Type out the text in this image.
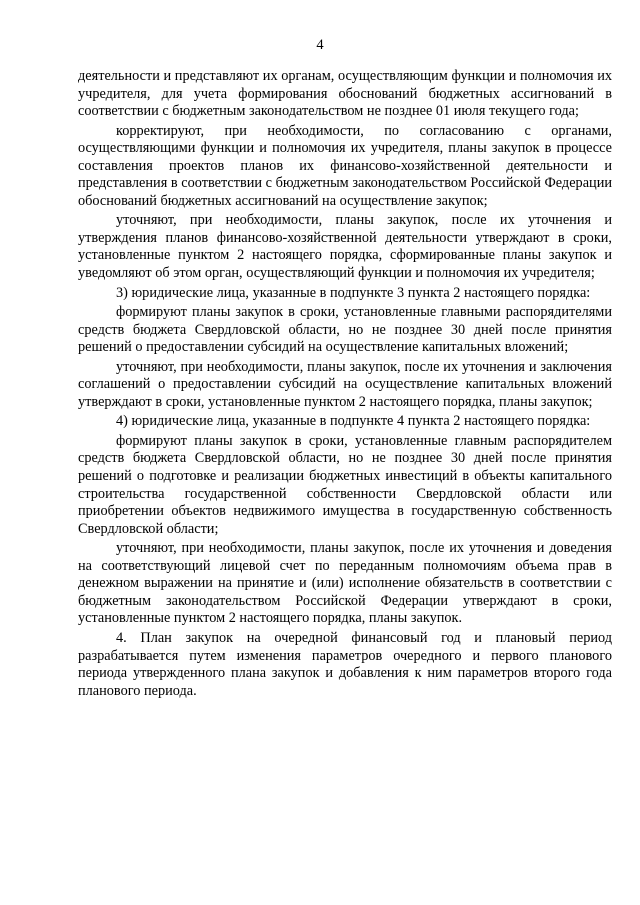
4

деятельности и представляют их органам, осуществляющим функции и полномочия их учредителя, для учета формирования обоснований бюджетных ассигнований в соответствии с бюджетным законодательством не позднее 01 июля текущего года;

корректируют, при необходимости, по согласованию с органами, осуществляющими функции и полномочия их учредителя, планы закупок в процессе составления проектов планов их финансово-хозяйственной деятельности и представления в соответствии с бюджетным законодательством Российской Федерации обоснований бюджетных ассигнований на осуществление закупок;

уточняют, при необходимости, планы закупок, после их уточнения и утверждения планов финансово-хозяйственной деятельности утверждают в сроки, установленные пунктом 2 настоящего порядка, сформированные планы закупок и уведомляют об этом орган, осуществляющий функции и полномочия их учредителя;

3) юридические лица, указанные в подпункте 3 пункта 2 настоящего порядка:

формируют планы закупок в сроки, установленные главными распорядителями средств бюджета Свердловской области, но не позднее 30 дней после принятия решений о предоставлении субсидий на осуществление капитальных вложений;

уточняют, при необходимости, планы закупок, после их уточнения и заключения соглашений о предоставлении субсидий на осуществление капитальных вложений утверждают в сроки, установленные пунктом 2 настоящего порядка, планы закупок;

4) юридические лица, указанные в подпункте 4 пункта 2 настоящего порядка:

формируют планы закупок в сроки, установленные главным распорядителем средств бюджета Свердловской области, но не позднее 30 дней после принятия решений о подготовке и реализации бюджетных инвестиций в объекты капитального строительства государственной собственности Свердловской области или приобретении объектов недвижимого имущества в государственную собственность Свердловской области;

уточняют, при необходимости, планы закупок, после их уточнения и доведения на соответствующий лицевой счет по переданным полномочиям объема прав в денежном выражении на принятие и (или) исполнение обязательств в соответствии с бюджетным законодательством Российской Федерации утверждают в сроки, установленные пунктом 2 настоящего порядка, планы закупок.

4. План закупок на очередной финансовый год и плановый период разрабатывается путем изменения параметров очередного и первого планового периода утвержденного плана закупок и добавления к ним параметров второго года планового периода.
